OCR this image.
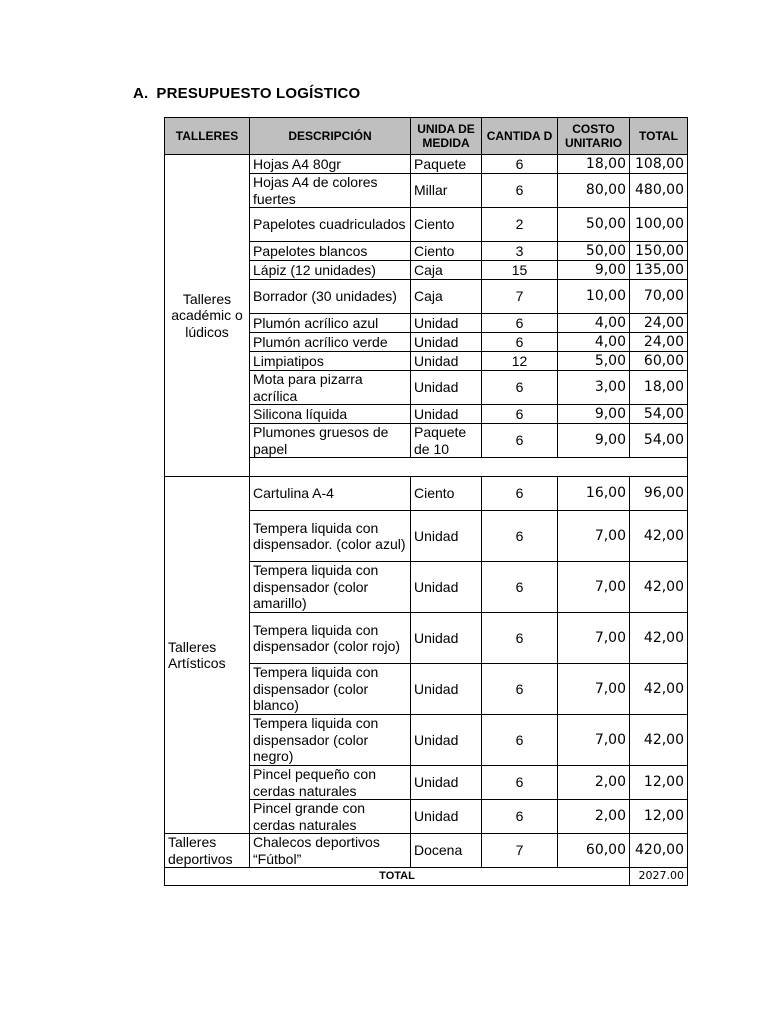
A. PRESUPUESTO LOGÍSTICO
TALLERES	DESCRIPCIÓN	UNIDA DE MEDIDA	CANTIDA D	COSTO UNITARIO	TOTAL
Talleres académic o lúdicos	Hojas A4 80gr	Paquete	6	18,00	108,00
	Hojas A4 de colores fuertes	Millar	6	80,00	480,00
	Papelotes cuadriculados	Ciento	2	50,00	100,00
	Papelotes blancos	Ciento	3	50,00	150,00
	Lápiz (12 unidades)	Caja	15	9,00	135,00
	Borrador (30 unidades)	Caja	7	10,00	70,00
	Plumón acrílico azul	Unidad	6	4,00	24,00
	Plumón acrílico verde	Unidad	6	4,00	24,00
	Limpiatipos	Unidad	12	5,00	60,00
	Mota para pizarra acrílica	Unidad	6	3,00	18,00
	Silicona líquida	Unidad	6	9,00	54,00
	Plumones gruesos de papel	Paquete de 10	6	9,00	54,00

Talleres Artísticos	Cartulina A-4	Ciento	6	16,00	96,00
	Tempera liquida con dispensador. (color azul)	Unidad	6	7,00	42,00
	Tempera liquida con dispensador (color amarillo)	Unidad	6	7,00	42,00
	Tempera liquida con dispensador (color rojo)	Unidad	6	7,00	42,00
	Tempera liquida con dispensador (color blanco)	Unidad	6	7,00	42,00
	Tempera liquida con dispensador (color negro)	Unidad	6	7,00	42,00
	Pincel pequeño con cerdas naturales	Unidad	6	2,00	12,00
	Pincel grande con cerdas naturales	Unidad	6	2,00	12,00
Talleres deportivos	Chalecos deportivos “Fútbol”	Docena	7	60,00	420,00
TOTAL					2027.00
